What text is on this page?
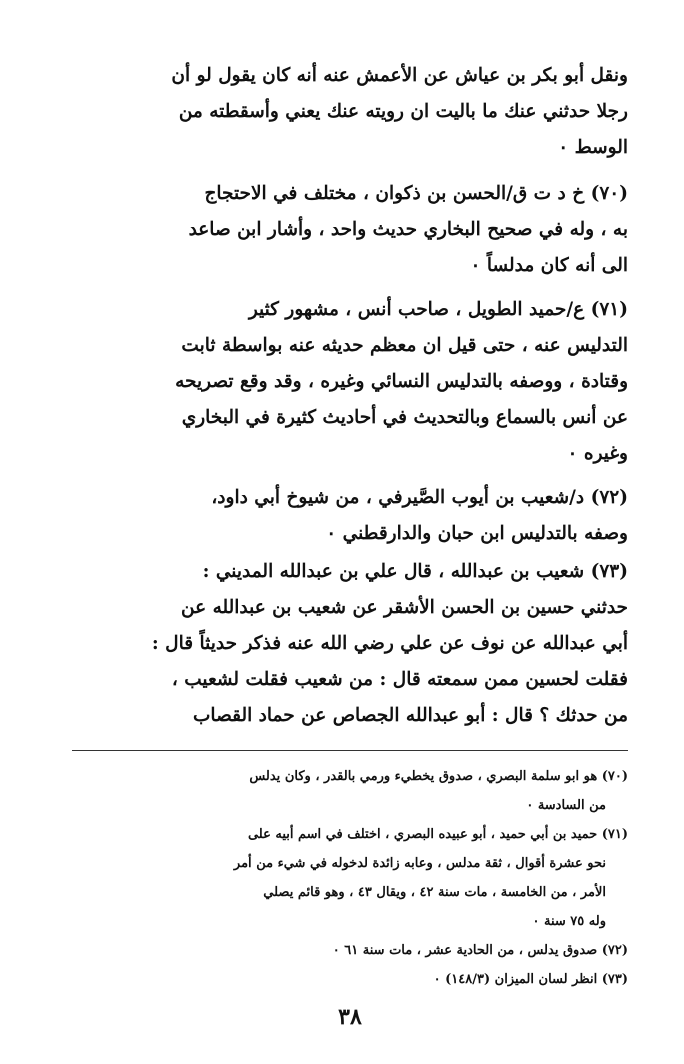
ونقل أبو بكر بن عياش عن الأعمش عنه أنه كان يقول لو أن
رجلا حدثني عنك ما باليت ان رويته عنك يعني وأسقطته من
الوسط ٠

(٧٠) خ د ت ق/الحسن بن ذكوان ، مختلف في الاحتجاج
به ، وله في صحيح البخاري حديث واحد ، وأشار ابن صاعد
الى أنه كان مدلساً ٠

(٧١) ع/حميد الطويل ، صاحب أنس ، مشهور كثير
التدليس عنه ، حتى قيل ان معظم حديثه عنه بواسطة ثابت
وقتادة ، ووصفه بالتدليس النسائي وغيره ، وقد وقع تصريحه
عن أنس بالسماع وبالتحديث في أحاديث كثيرة في البخاري
وغيره ٠

(٧٢) د/شعيب بن أيوب الصَّيرفي ، من شيوخ أبي داود،
وصفه بالتدليس ابن حبان والدارقطني ٠

(٧٣) شعيب بن عبدالله ، قال علي بن عبدالله المديني :
حدثني حسين بن الحسن الأشقر عن شعيب بن عبدالله عن
أبي عبدالله عن نوف عن علي رضي الله عنه فذكر حديثاً قال :
فقلت لحسين ممن سمعته قال : من شعيب فقلت لشعيب ،
من حدثك ؟ قال : أبو عبدالله الجصاص عن حماد القصاب

(٧٠) هو ابو سلمة البصري ، صدوق يخطيء ورمي بالقدر ، وكان يدلس
من السادسة ٠

(٧١) حميد بن أبي حميد ، أبو عبيده البصري ، اختلف في اسم أبيه على
نحو عشرة أقوال ، ثقة مدلس ، وعابه زائدة لدخوله في شيء من أمر
الأمر ، من الخامسة ، مات سنة ٤٢ ، ويقال ٤٣ ، وهو قائم يصلي
وله ٧٥ سنة ٠

(٧٢) صدوق يدلس ، من الحادية عشر ، مات سنة ٦١ ٠

(٧٣) انظر لسان الميزان (١٤٨/٣) ٠

٣٨
